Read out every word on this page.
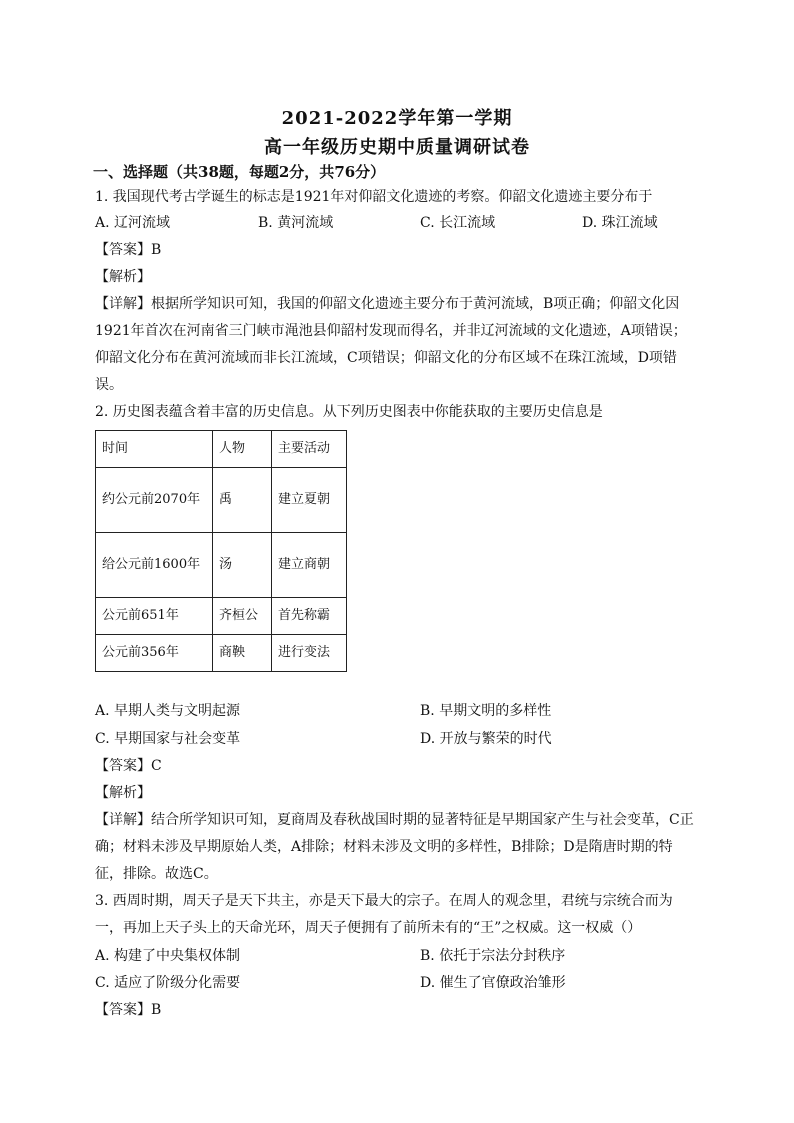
2021-2022学年第一学期
高一年级历史期中质量调研试卷
一、选择题（共38题，每题2分，共76分）
1. 我国现代考古学诞生的标志是1921年对仰韶文化遗迹的考察。仰韶文化遗迹主要分布于
A. 辽河流域	B. 黄河流域	C. 长江流域	D. 珠江流域
【答案】B
【解析】
【详解】根据所学知识可知，我国的仰韶文化遗迹主要分布于黄河流域，B项正确；仰韶文化因
1921年首次在河南省三门峡市渑池县仰韶村发现而得名，并非辽河流域的文化遗迹，A项错误；
仰韶文化分布在黄河流域而非长江流域，C项错误；仰韶文化的分布区域不在珠江流域，D项错
误。
2. 历史图表蕴含着丰富的历史信息。从下列历史图表中你能获取的主要历史信息是
时间	人物	主要活动
约公元前2070年	禹	建立夏朝
给公元前1600年	汤	建立商朝
公元前651年	齐桓公	首先称霸
公元前356年	商鞅	进行变法
A. 早期人类与文明起源	B. 早期文明的多样性
C. 早期国家与社会变革	D. 开放与繁荣的时代
【答案】C
【解析】
【详解】结合所学知识可知，夏商周及春秋战国时期的显著特征是早期国家产生与社会变革，C正
确；材料未涉及早期原始人类，A排除；材料未涉及文明的多样性，B排除；D是隋唐时期的特
征，排除。故选C。
3. 西周时期，周天子是天下共主，亦是天下最大的宗子。在周人的观念里，君统与宗统合而为
一，再加上天子头上的天命光环，周天子便拥有了前所未有的“王”之权威。这一权威（）
A. 构建了中央集权体制	B. 依托于宗法分封秩序
C. 适应了阶级分化需要	D. 催生了官僚政治雏形
【答案】B
